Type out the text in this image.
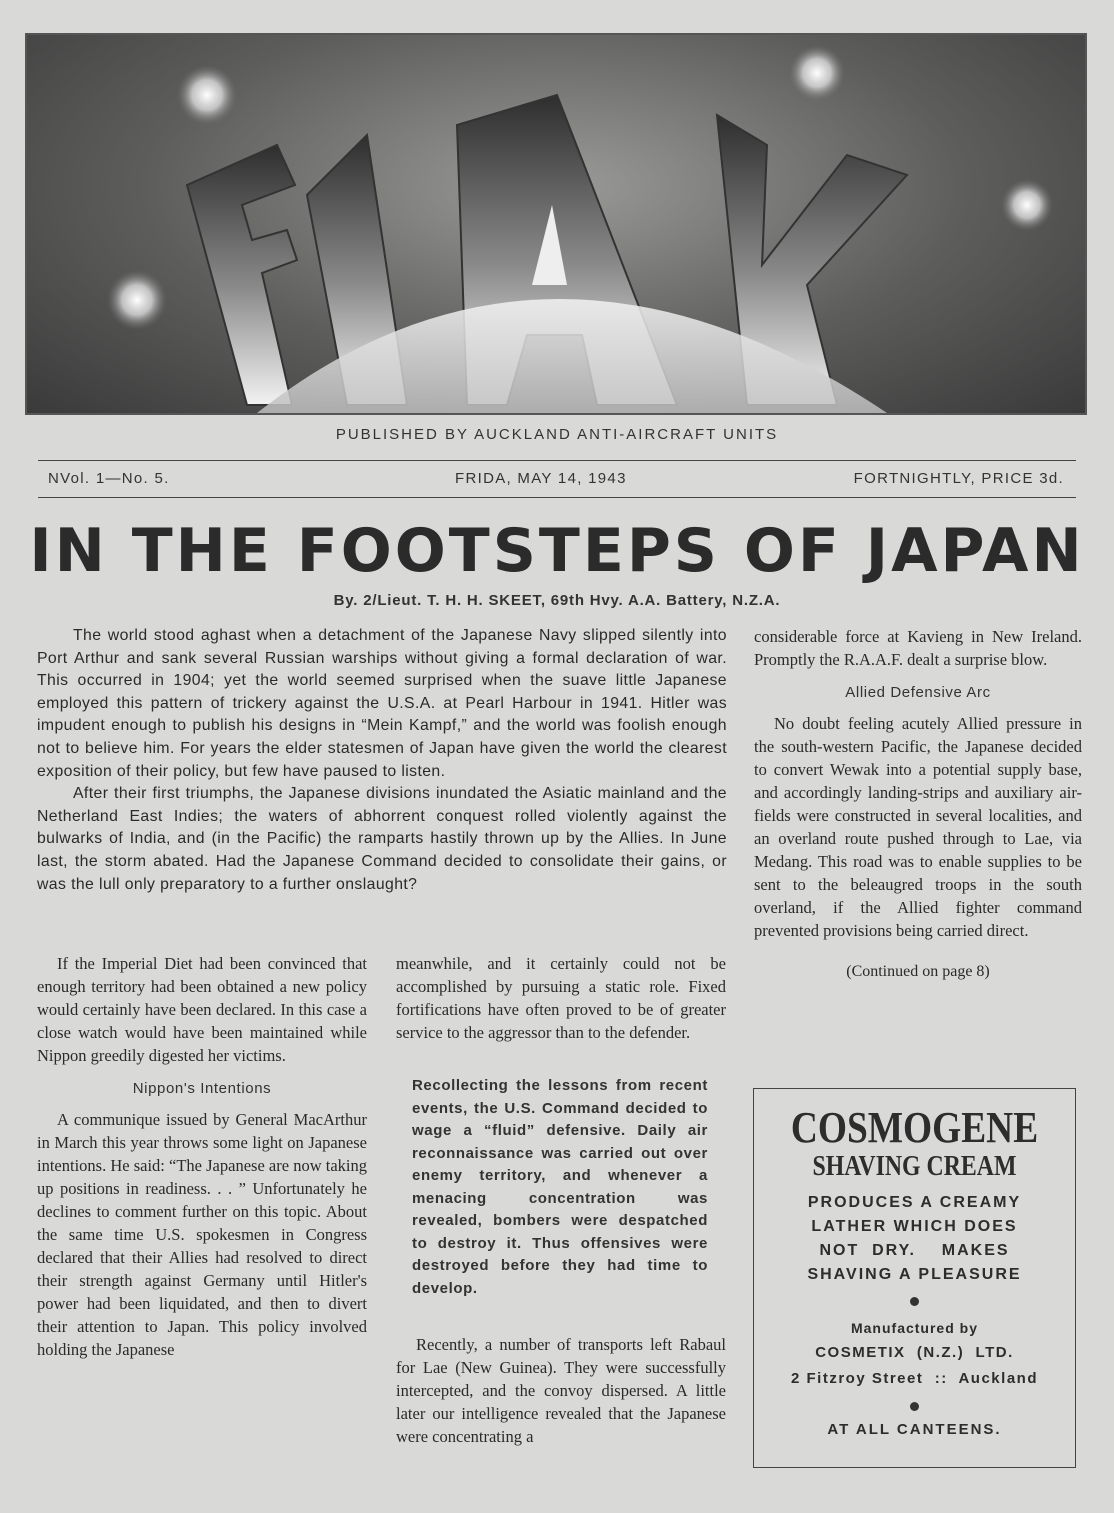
PUBLISHED BY AUCKLAND ANTI-AIRCRAFT UNITS
NVol. 1—No. 5.	FRIDA, MAY 14, 1943	FORTNIGHTLY, PRICE 3d.
IN THE FOOTSTEPS OF JAPAN
By. 2/Lieut. T. H. H. SKEET, 69th Hvy. A.A. Battery, N.Z.A.

The world stood aghast when a detachment of the Japanese Navy slipped silently into Port Arthur and sank several Russian warships without giving a formal declaration of war. This occurred in 1904; yet the world seemed surprised when the suave little Japanese employed this pattern of trickery against the U.S.A. at Pearl Harbour in 1941. Hitler was impudent enough to publish his designs in “Mein Kampf,” and the world was foolish enough not to believe him. For years the elder statesmen of Japan have given the world the clearest exposition of their policy, but few have paused to listen.

After their first triumphs, the Japanese divisions inundated the Asiatic mainland and the Netherland East Indies; the waters of abhorrent conquest rolled violently against the bulwarks of India, and (in the Pacific) the ramparts hastily thrown up by the Allies. In June last, the storm abated. Had the Japanese Command decided to consolidate their gains, or was the lull only preparatory to a further onslaught?

If the Imperial Diet had been convinced that enough territory had been obtained a new policy would certainly have been declared. In this case a close watch would have been maintained while Nippon greedily digested her victims.

Nippon's Intentions

A communique issued by General MacArthur in March this year throws some light on Japanese intentions. He said: “The Japanese are now taking up positions in readiness. . . ” Unfortunately he declines to comment further on this topic. About the same time U.S. spokesmen in Congress declared that their Allies had resolved to direct their strength against Germany until Hitler's power had been liquidated, and then to divert their attention to Japan. This policy involved holding the Japanese

meanwhile, and it certainly could not be accomplished by pursuing a static role. Fixed fortifications have often proved to be of greater service to the aggressor than to the defender.

Recollecting the lessons from recent events, the U.S. Command decided to wage a “fluid” defensive. Daily air reconnaissance was carried out over enemy territory, and whenever a menacing concentration was revealed, bombers were despatched to destroy it. Thus offensives were destroyed before they had time to develop.

Recently, a number of transports left Rabaul for Lae (New Guinea). They were successfully intercepted, and the convoy dispersed. A little later our intelligence revealed that the Japanese were concentrating a

considerable force at Kavieng in New Ireland. Promptly the R.A.A.F. dealt a surprise blow.

Allied Defensive Arc

No doubt feeling acutely Allied pressure in the south-western Pacific, the Japanese decided to convert Wewak into a potential supply base, and accordingly landing-strips and auxiliary air-fields were constructed in several localities, and an overland route pushed through to Lae, via Medang. This road was to enable supplies to be sent to the beleaugred troops in the south overland, if the Allied fighter command prevented provisions being carried direct.

(Continued on page 8)
COSMOGENE
SHAVING CREAM
PRODUCES A CREAMY
LATHER WHICH DOES
NOT  DRY.    MAKES
SHAVING A PLEASURE
Manufactured by
COSMETIX  (N.Z.)  LTD.
2 Fitzroy Street  ::  Auckland
AT ALL CANTEENS.
